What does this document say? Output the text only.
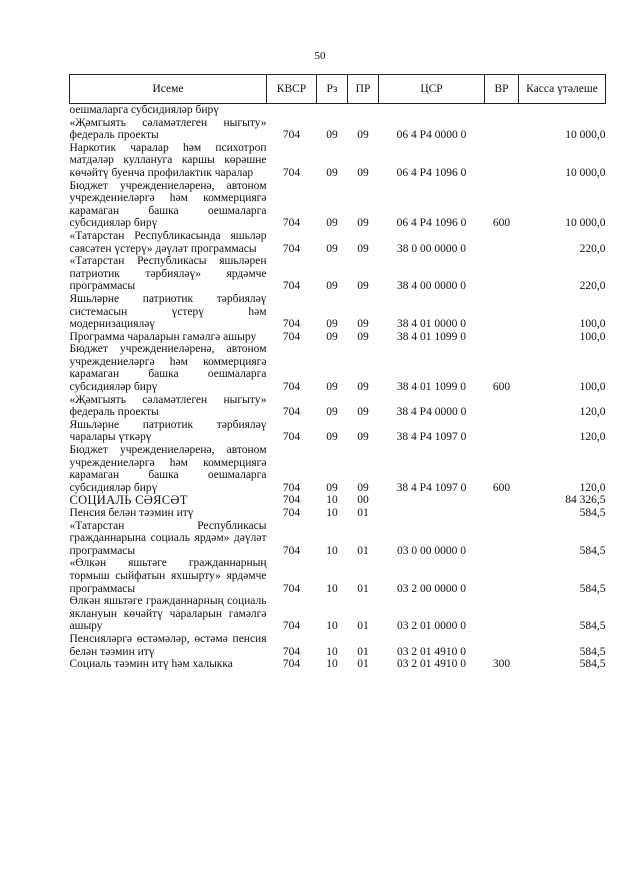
50
Исеме	КВСР	Рз	ПР	ЦСР	ВР	Касса үтәлеше
оешмаларга субсидияләр бирү						
«Җәмгыять сәламәтлеген ныгыту» федераль проекты	704	09	09	06 4 P4 0000 0		10 000,0
Наркотик чаралар һәм психотроп матдәләр куллануга каршы көрәшне көчәйтү буенча профилактик чаралар	704	09	09	06 4 P4 1096 0		10 000,0
Бюджет учреждениеләренә, автоном учреждениеләргә һәм коммерциягә карамаган башка оешмаларга субсидияләр бирү	704	09	09	06 4 P4 1096 0	600	10 000,0
«Татарстан Республикасында яшьләр сәясәтен үстерү» дәүләт программасы	704	09	09	38 0 00 0000 0		220,0
«Татарстан Республикасы яшьләрен патриотик тәрбияләү» ярдәмче программасы	704	09	09	38 4 00 0000 0		220,0
Яшьләрне патриотик тәрбияләү системасын үстерү һәм модернизацияләү	704	09	09	38 4 01 0000 0		100,0
Программа чараларын гамәлгә ашыру	704	09	09	38 4 01 1099 0		100,0
Бюджет учреждениеләренә, автоном учреждениеләргә һәм коммерциягә карамаган башка оешмаларга субсидияләр бирү	704	09	09	38 4 01 1099 0	600	100,0
«Җәмгыять сәламәтлеген ныгыту» федераль проекты	704	09	09	38 4 P4 0000 0		120,0
Яшьләрне патриотик тәрбияләү чаралары үткәрү	704	09	09	38 4 P4 1097 0		120,0
Бюджет учреждениеләренә, автоном учреждениеләргә һәм коммерциягә карамаган башка оешмаларга субсидияләр бирү	704	09	09	38 4 P4 1097 0	600	120,0
СОЦИАЛЬ СӘЯСӘТ	704	10	00			84 326,5
Пенсия белән тәэмин итү	704	10	01			584,5
«Татарстан Республикасы гражданнарына социаль ярдәм» дәүләт программасы	704	10	01	03 0 00 0000 0		584,5
«Өлкән яшьтәге гражданнарның тормыш сыйфатын яхшырту» ярдәмче программасы	704	10	01	03 2 00 0000 0		584,5
Өлкән яшьтәге гражданнарның социаль яклануын көчәйтү чараларын гамәлгә ашыру	704	10	01	03 2 01 0000 0		584,5
Пенсияләргә өстәмәләр, өстәмә пенсия белән тәэмин итү	704	10	01	03 2 01 4910 0		584,5
Социаль тәэмин итү һәм халыкка	704	10	01	03 2 01 4910 0	300	584,5
